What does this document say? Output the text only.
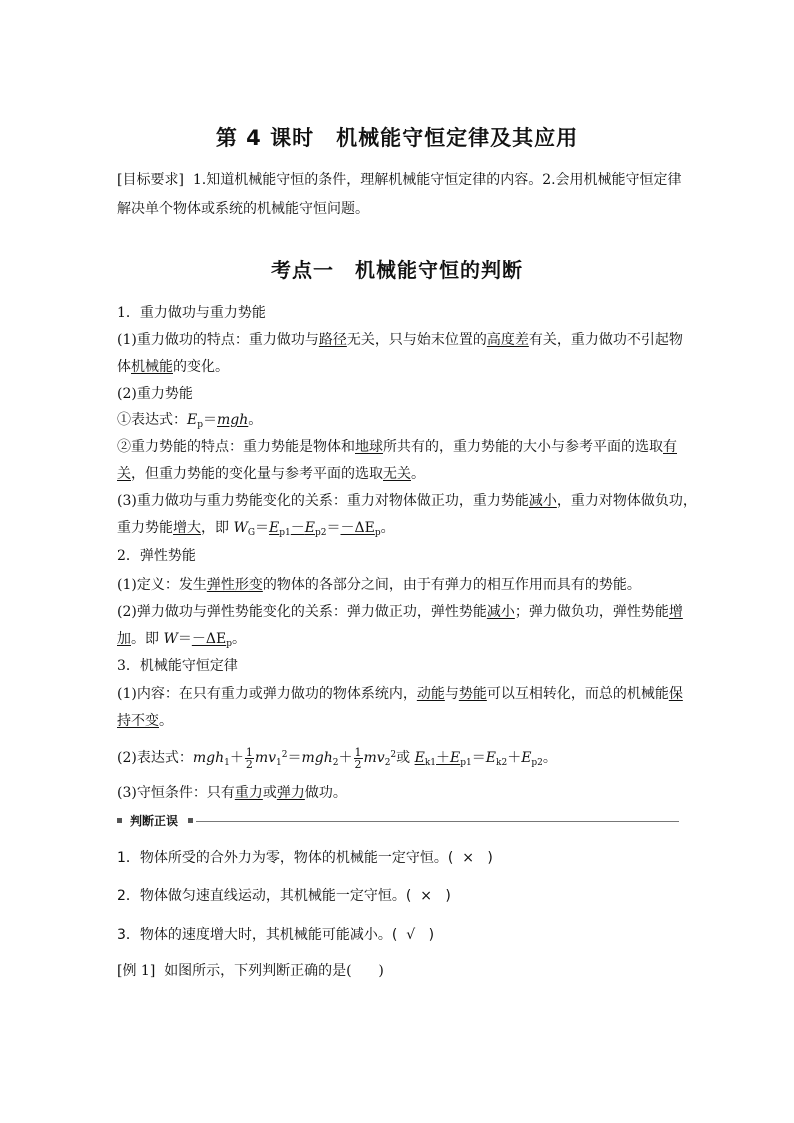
第 4 课时　机械能守恒定律及其应用
[目标要求] 1.知道机械能守恒的条件，理解机械能守恒定律的内容。2.会用机械能守恒定律解决单个物体或系统的机械能守恒问题。
考点一　机械能守恒的判断
1．重力做功与重力势能
(1)重力做功的特点：重力做功与路径无关，只与始末位置的高度差有关，重力做功不引起物
体机械能的变化。
(2)重力势能
①表达式：$E_p=mgh$。
②重力势能的特点：重力势能是物体和地球所共有的，重力势能的大小与参考平面的选取有
关，但重力势能的变化量与参考平面的选取无关。
(3)重力做功与重力势能变化的关系：重力对物体做正功，重力势能减小，重力对物体做负功，
重力势能增大，即 $W_G=E_{p1}-E_{p2}=-\Delta E_p$。
2．弹性势能
(1)定义：发生弹性形变的物体的各部分之间，由于有弹力的相互作用而具有的势能。
(2)弹力做功与弹性势能变化的关系：弹力做正功，弹性势能减小；弹力做负功，弹性势能增
加。即 $W=-\Delta E_p$。
3．机械能守恒定律
(1)内容：在只有重力或弹力做功的物体系统内，动能与势能可以互相转化，而总的机械能保
持不变。
(2)表达式：$mgh_1+ \frac{1}{2} mv_1^2=mgh_2+ \frac{1}{2} mv_2^2$或 $E_{k1}+E_{p1}=E_{k2}+E_{p2}$。
(3)守恒条件：只有重力或弹力做功。
判断正误
1．物体所受的合外力为零，物体的机械能一定守恒。( × )
2．物体做匀速直线运动，其机械能一定守恒。( × )
3．物体的速度增大时，其机械能可能减小。( √ )
[例 1] 如图所示，下列判断正确的是( )
